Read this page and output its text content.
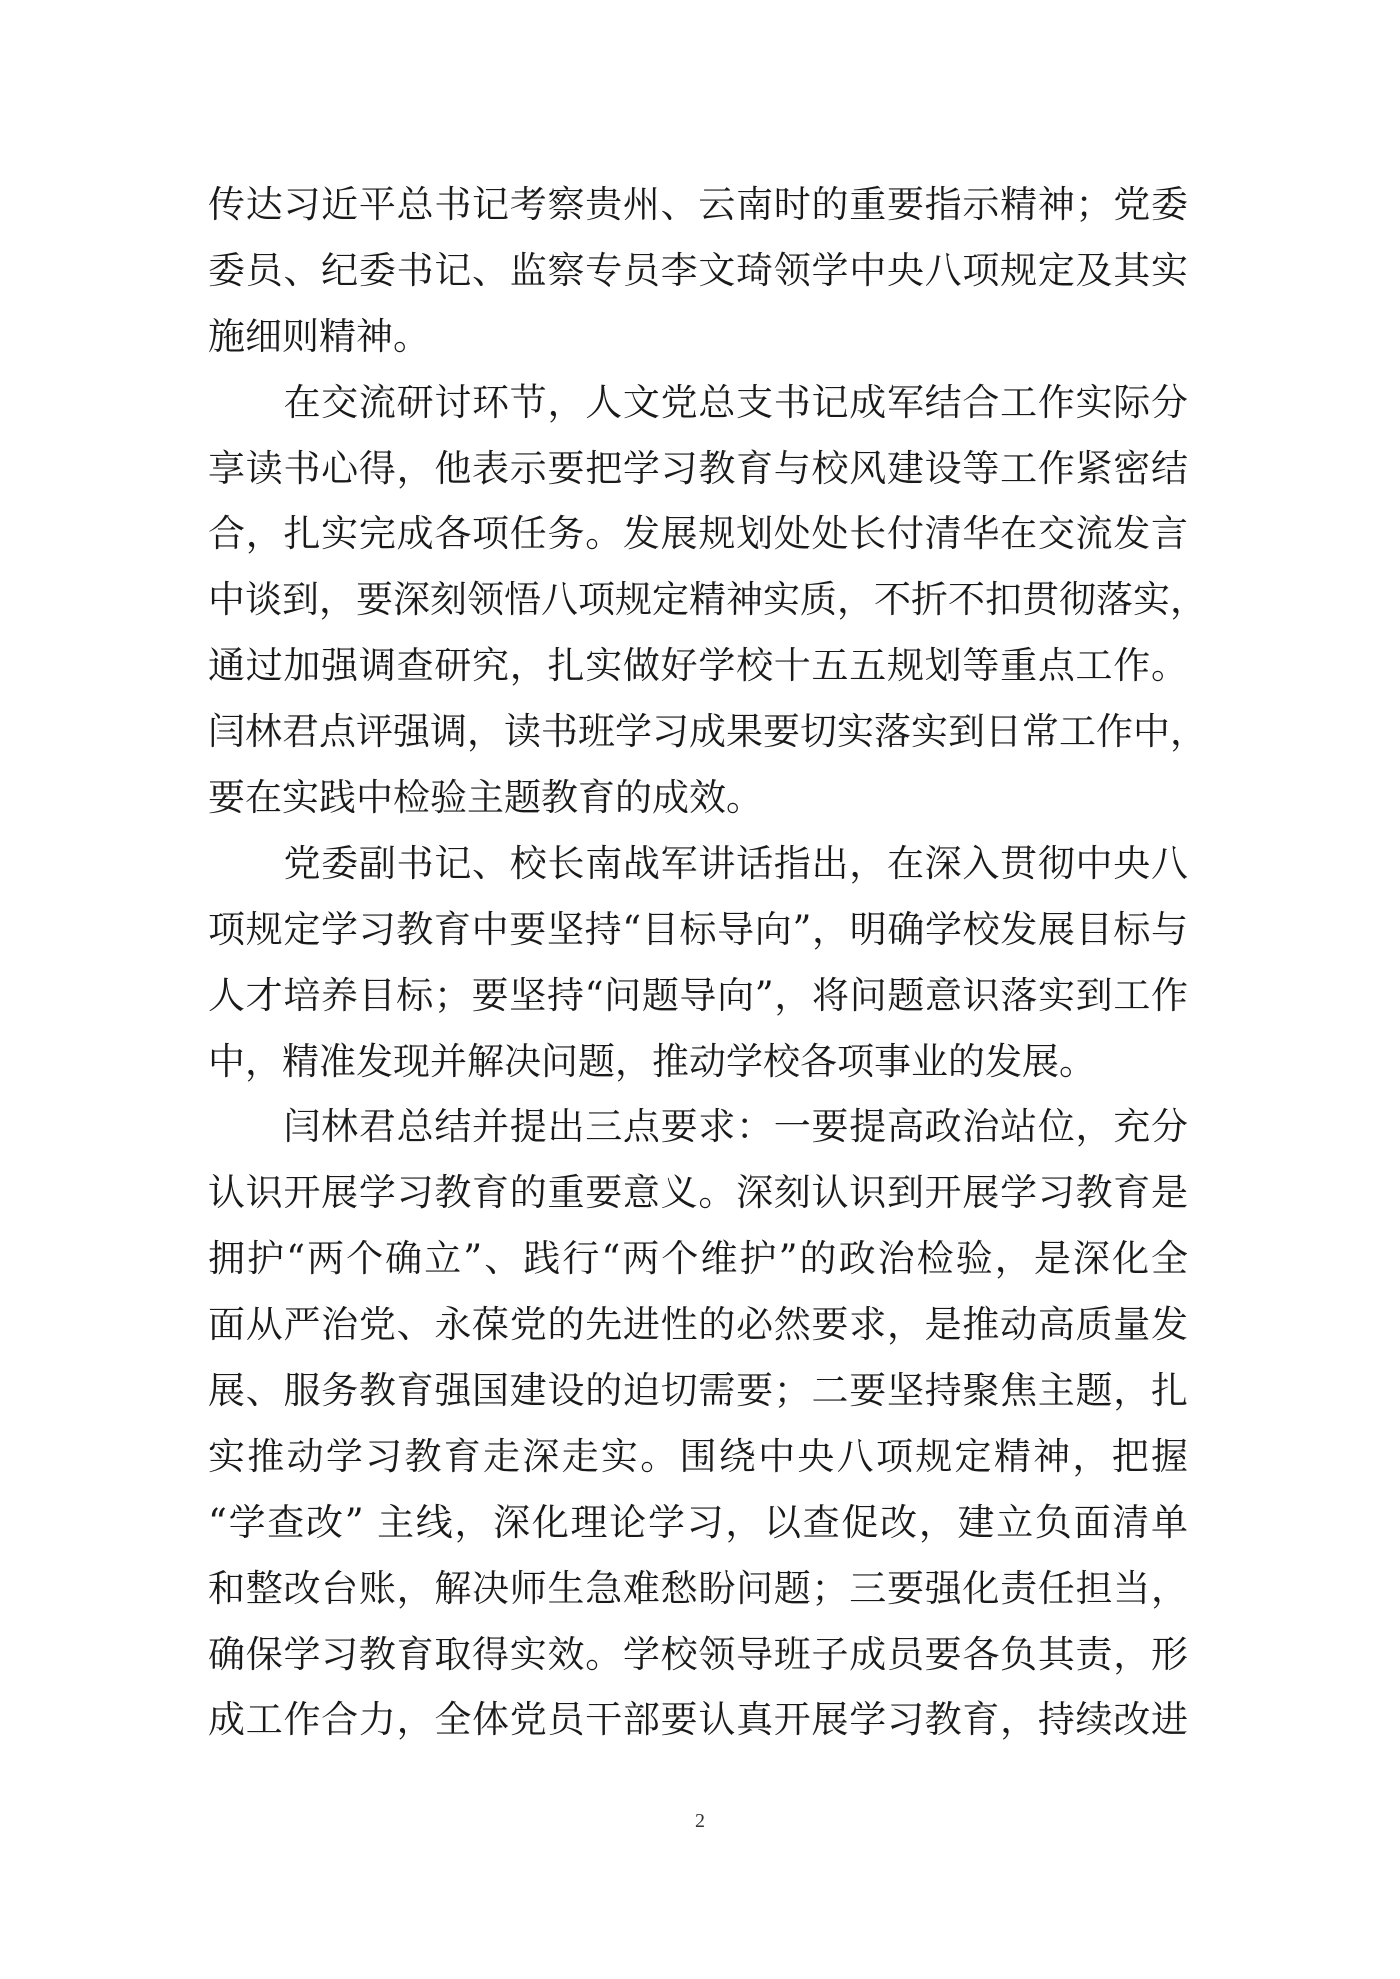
传达习近平总书记考察贵州、云南时的重要指示精神；党委
委员、纪委书记、监察专员李文琦领学中央八项规定及其实
施细则精神。
　　在交流研讨环节，人文党总支书记成军结合工作实际分
享读书心得，他表示要把学习教育与校风建设等工作紧密结
合，扎实完成各项任务。发展规划处处长付清华在交流发言
中谈到，要深刻领悟八项规定精神实质，不折不扣贯彻落实，
通过加强调查研究，扎实做好学校十五五规划等重点工作。
闫林君点评强调，读书班学习成果要切实落实到日常工作中，
要在实践中检验主题教育的成效。
　　党委副书记、校长南战军讲话指出，在深入贯彻中央八
项规定学习教育中要坚持“目标导向”，明确学校发展目标与
人才培养目标；要坚持“问题导向”，将问题意识落实到工作
中，精准发现并解决问题，推动学校各项事业的发展。
　　闫林君总结并提出三点要求：一要提高政治站位，充分
认识开展学习教育的重要意义。深刻认识到开展学习教育是
拥护“两个确立”、践行“两个维护”的政治检验，是深化全
面从严治党、永葆党的先进性的必然要求，是推动高质量发
展、服务教育强国建设的迫切需要；二要坚持聚焦主题，扎
实推动学习教育走深走实。围绕中央八项规定精神，把握
“学查改” 主线，深化理论学习，以查促改，建立负面清单
和整改台账，解决师生急难愁盼问题；三要强化责任担当，
确保学习教育取得实效。学校领导班子成员要各负其责，形
成工作合力，全体党员干部要认真开展学习教育，持续改进
2
